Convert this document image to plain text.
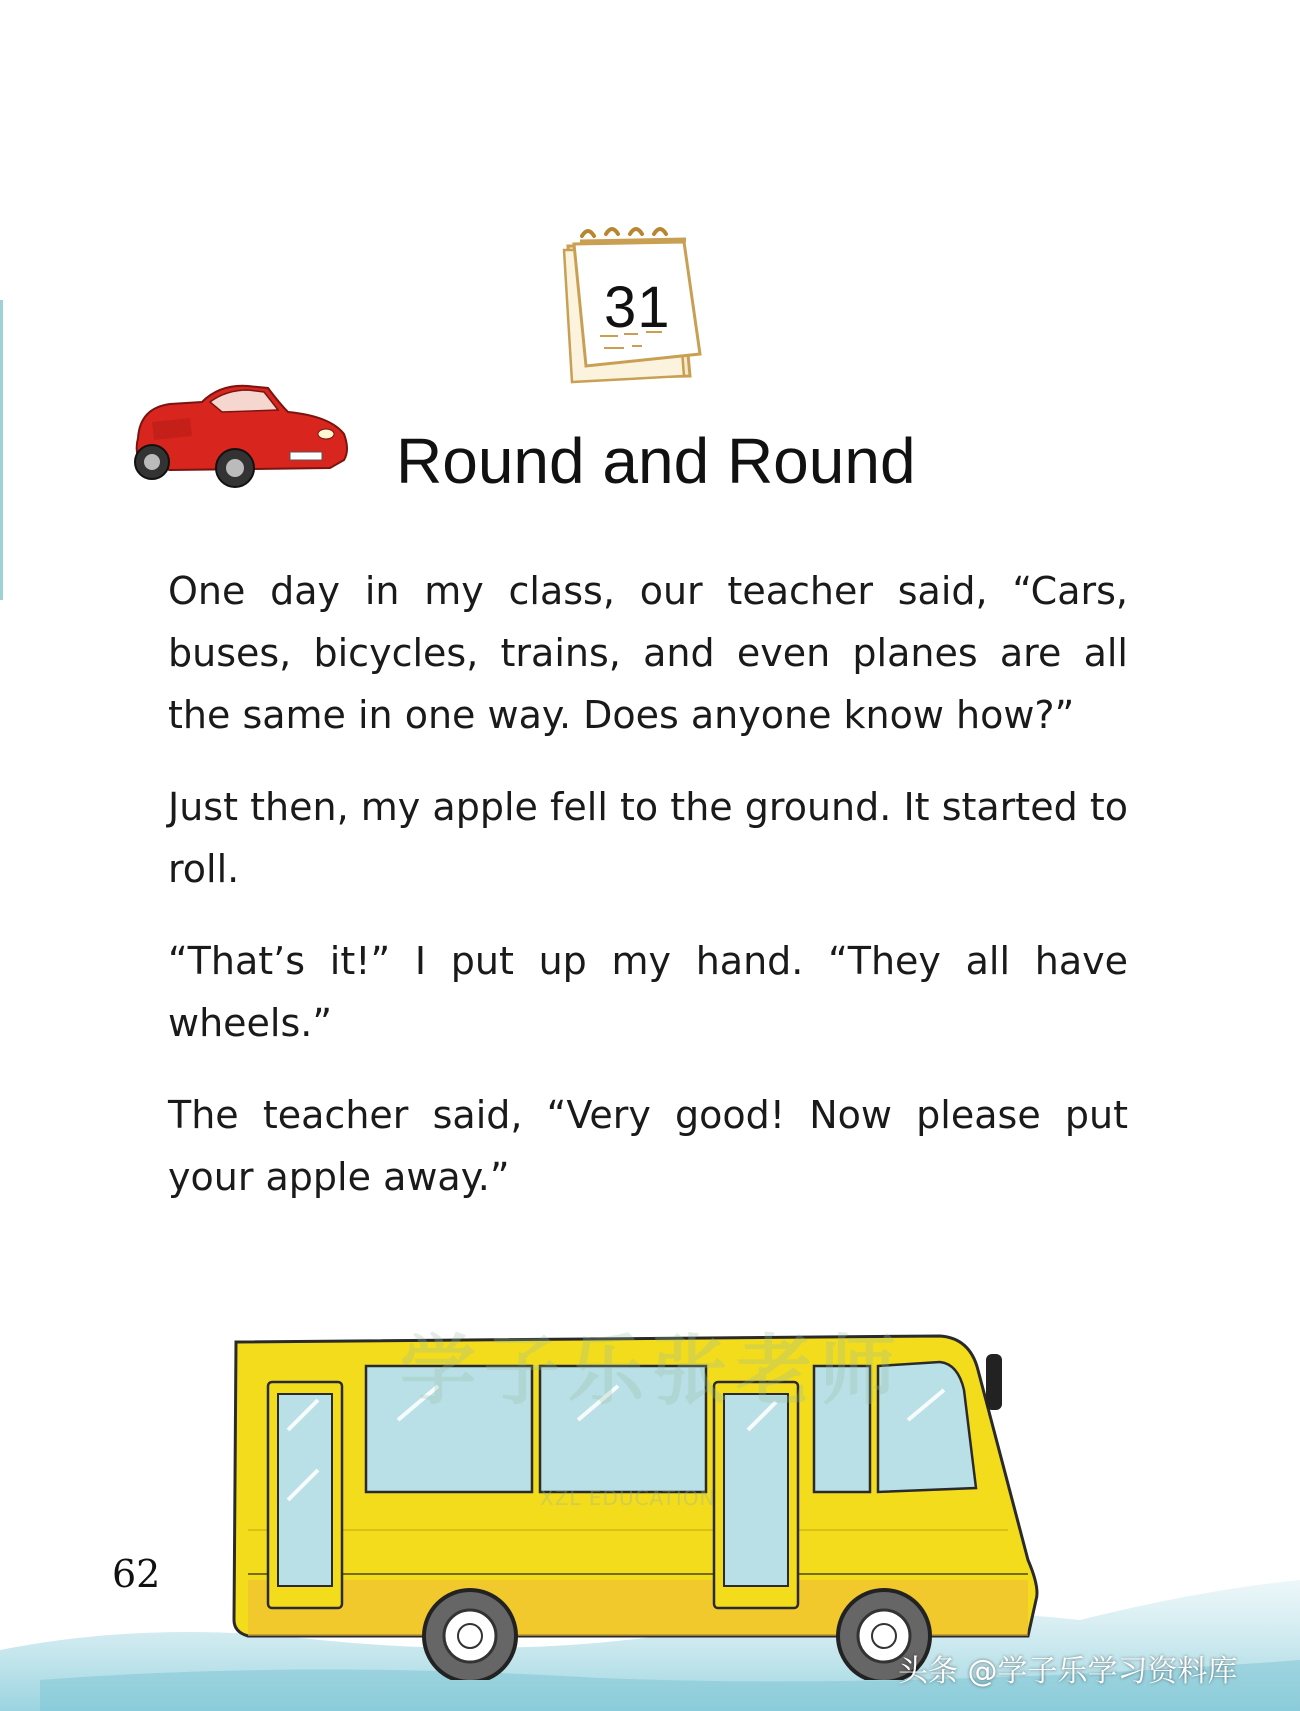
31
Round and Round

One day in my class, our teacher said, “Cars, buses, bicycles, trains, and even planes are all the same in one way. Does anyone know how?”

Just then, my apple fell to the ground. It started to roll.

“That’s it!” I put up my hand. “They all have wheels.”

The teacher said, “Very good! Now please put your apple away.”

学子乐张老师
XZL EDUCATION
62
头条 @学子乐学习资料库
